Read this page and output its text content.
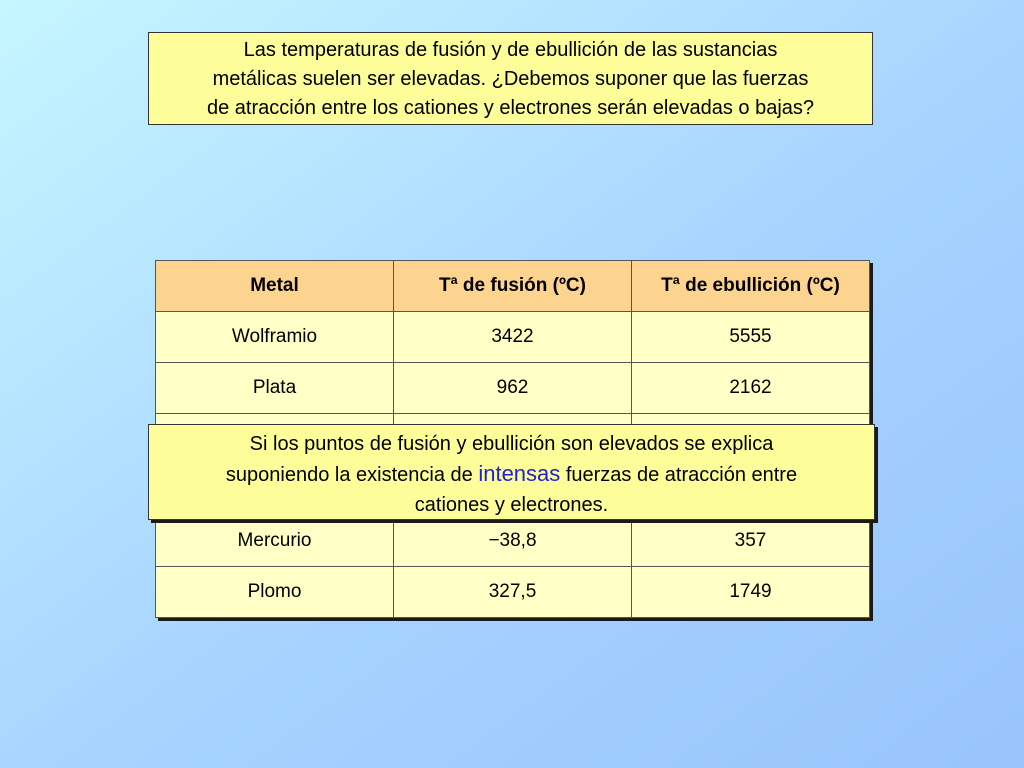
Las temperaturas de fusión y de ebullición de las sustancias
metálicas suelen ser elevadas. ¿Debemos suponer que las fuerzas
de atracción entre los cationes y electrones serán elevadas o bajas?
Metal	Tª de fusión (ºC)	Tª de ebullición (ºC)
Wolframio	3422	5555
Plata	962	2162

Mercurio	−38,8	357
Plomo	327,5	1749
Si los puntos de fusión y ebullición son elevados se explica
suponiendo la existencia de intensas fuerzas de atracción entre
cationes y electrones.
